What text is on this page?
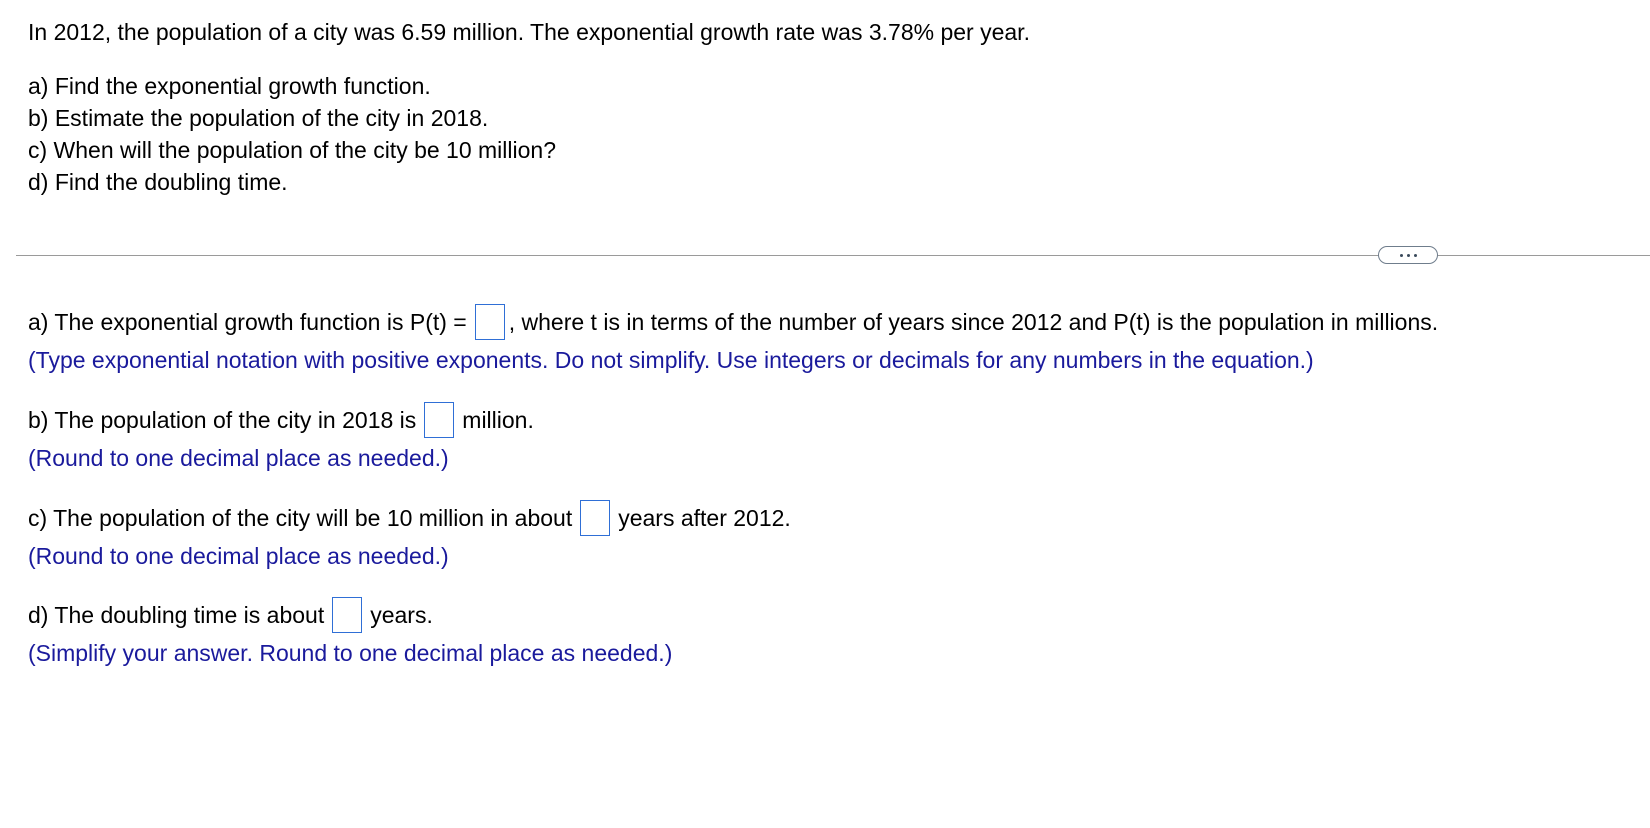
In 2012, the population of a city was 6.59 million. The exponential growth rate was 3.78% per year.
a) Find the exponential growth function.
b) Estimate the population of the city in 2018.
c) When will the population of the city be 10 million?
d) Find the doubling time.
a) The exponential growth function is P(t) = , where t is in terms of the number of years since 2012 and P(t) is the population in millions.
(Type exponential notation with positive exponents. Do not simplify. Use integers or decimals for any numbers in the equation.)
b) The population of the city in 2018 is million.
(Round to one decimal place as needed.)
c) The population of the city will be 10 million in about years after 2012.
(Round to one decimal place as needed.)
d) The doubling time is about years.
(Simplify your answer. Round to one decimal place as needed.)
